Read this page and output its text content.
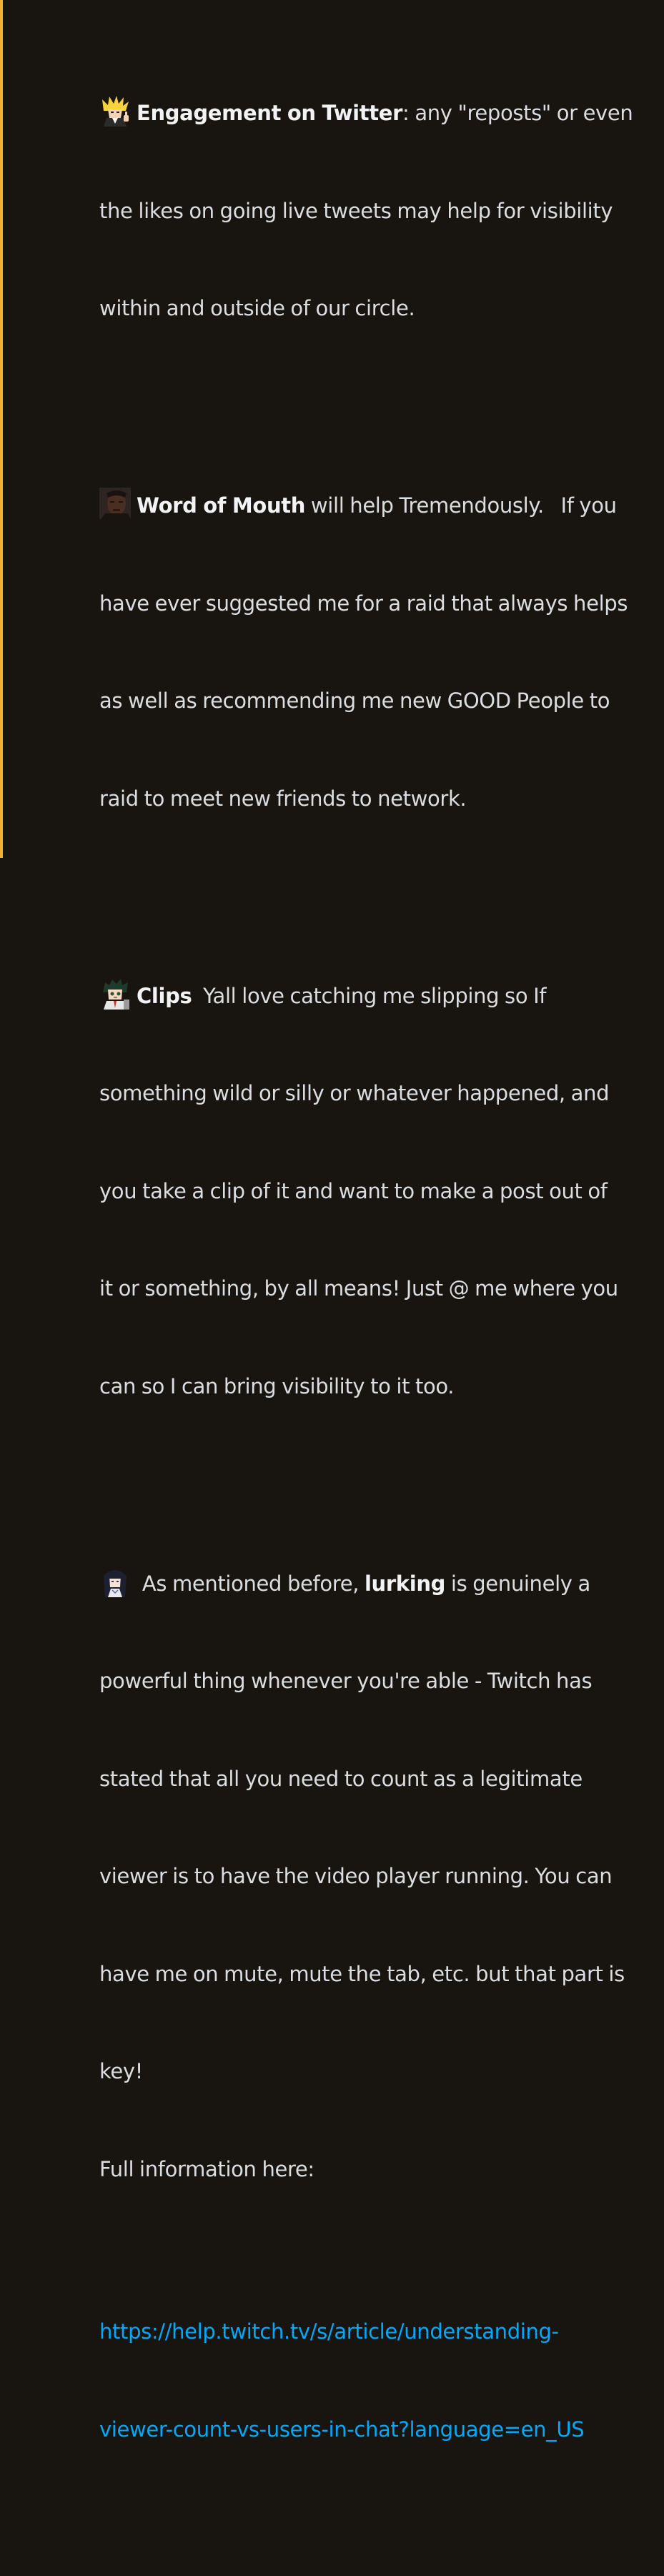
Engagement on Twitter: any "reposts" or even

the likes on going live tweets may help for visibility

within and outside of our circle.

Word of Mouth will help Tremendously.   If you

have ever suggested me for a raid that always helps

as well as recommending me new GOOD People to

raid to meet new friends to network.

Clips  Yall love catching me slipping so If

something wild or silly or whatever happened, and

you take a clip of it and want to make a post out of

it or something, by all means! Just @ me where you

can so I can bring visibility to it too.

As mentioned before, lurking is genuinely a

powerful thing whenever you're able - Twitch has

stated that all you need to count as a legitimate

viewer is to have the video player running. You can

have me on mute, mute the tab, etc. but that part is

key!

Full information here:

https://help.twitch.tv/s/article/understanding-

viewer-count-vs-users-in-chat?language=en_US
